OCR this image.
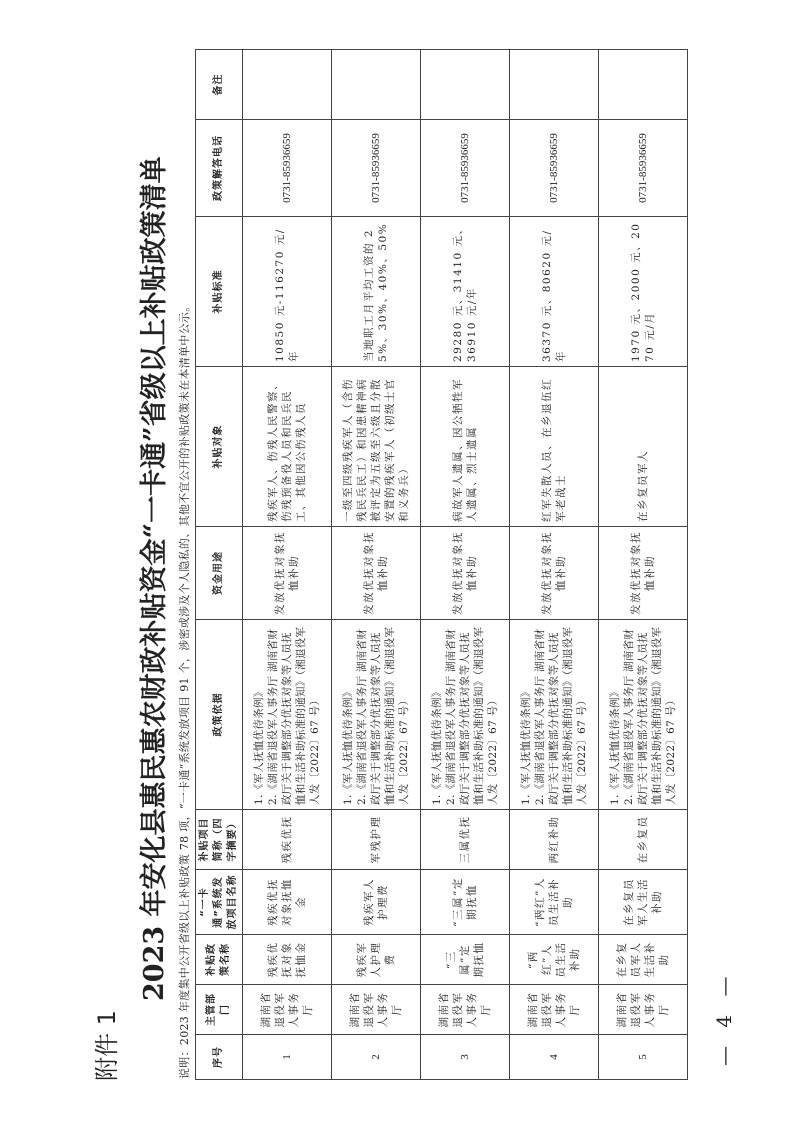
附件 1
2023 年安化县惠民惠农财政补贴资金“一卡通”省级以上补贴政策清单 说明：2023 年度集中公开省级以上补贴政策 78 项，“一卡通”系统发放项目 91 个，涉密或涉及个人隐私的、其他不宜公开的补贴政策未在本清单中公示。 序号	主管部门	补贴政策名称	“一卡通”系统发放项目名称	补贴项目简称（四字摘要）	政策依据	资金用途	补贴对象	补贴标准	政策解答电话	备注
1	湖南省退役军人事务厅	残疾优抚对象抚恤金	残疾优抚对象抚恤金	残疾优抚	1.《军人抚恤优待条例》 2.《湖南省退役军人事务厅 湖南省财政厅关于调整部分优抚对象等人员抚恤和生活补助标准的通知》（湘退役军人发〔2022〕67 号）	发放优抚对象抚恤补助	残疾军人、伤残人民警察、伤残预备役人员和民兵民工、其他因公伤残人员	10850 元-116270 元/年	0731-85936659	
2	湖南省退役军人事务厅	残疾军人护理费	残疾军人护理费	军残护理	1.《军人抚恤优待条例》 2.《湖南省退役军人事务厅 湖南省财政厅关于调整部分优抚对象等人员抚恤和生活补助标准的通知》（湘退役军人发〔2022〕67 号）	发放优抚对象抚恤补助	一级至四级残疾军人（含伤残民兵民工）和因患精神病被评定为五级至六级且分散安置的残疾军人（初级士官和义务兵）	当地职工月平均工资的 25%、30%、40%、50%	0731-85936659	
3	湖南省退役军人事务厅	“三属”定期抚恤	“三属”定期抚恤	三属优抚	1.《军人抚恤优待条例》 2.《湖南省退役军人事务厅 湖南省财政厅关于调整部分优抚对象等人员抚恤和生活补助标准的通知》（湘退役军人发〔2022〕67 号）	发放优抚对象抚恤补助	病故军人遗属、因公牺牲军人遗属、烈士遗属	29280 元、31410 元、36910 元/年	0731-85936659	
4	湖南省退役军人事务厅	“两红”人员生活补助	“两红”人员生活补助	两红补助	1.《军人抚恤优待条例》 2.《湖南省退役军人事务厅 湖南省财政厅关于调整部分优抚对象等人员抚恤和生活补助标准的通知》（湘退役军人发〔2022〕67 号）	发放优抚对象抚恤补助	红军失散人员、在乡退伍红军老战士	36370 元、80620 元/年	0731-85936659	
5	湖南省退役军人事务厅	在乡复员军人生活补助	在乡复员军人生活补助	在乡复员	1.《军人抚恤优待条例》 2.《湖南省退役军人事务厅 湖南省财政厅关于调整部分优抚对象等人员抚恤和生活补助标准的通知》（湘退役军人发〔2022〕67 号）	发放优抚对象抚恤补助	在乡复员军人	1970 元、2000 元、2070 元/月	0731-85936659	
— 4 —
